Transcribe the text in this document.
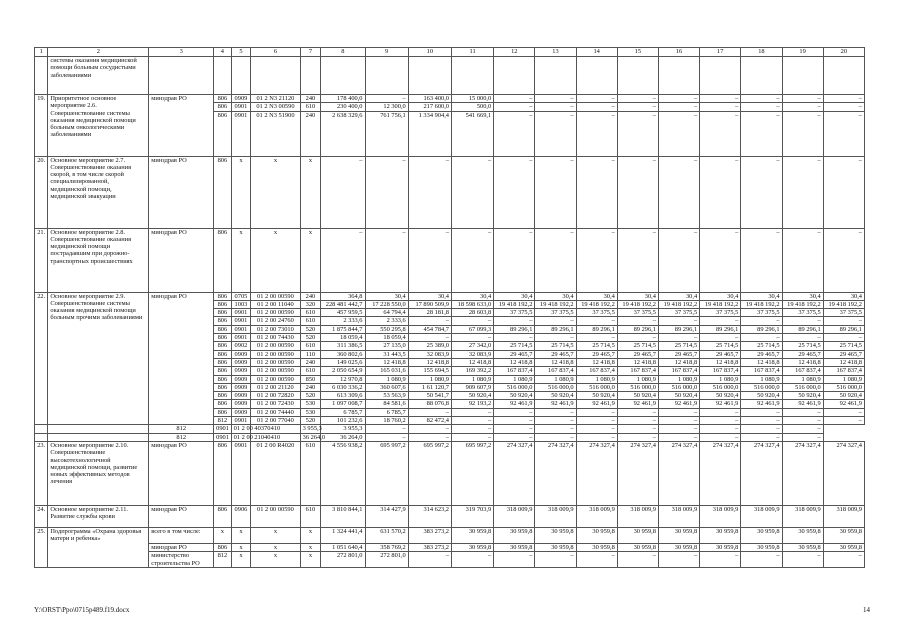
1	2	3	4	5	6	7	8	9	10	11	12	13	14	15	16	17	18	19	20
	системы оказания медицинской помощи больным сосудистыми заболеваниями																		
19.	Приоритетное основное мероприятие 2.6. Совершенствование системы оказания медицинской помощи больным онкологическими заболеваниями	минздрав РО	806	0909	01 2 N3 21120	240	178 400,0	–	163 400,0	15 000,0	–	–	–	–	–	–	–	–	–
			806	0901	01 2 N3 00590	610	230 400,0	12 300,0	217 600,0	500,0	–	–	–	–	–	–	–	–	–
			806	0901	01 2 N3 51900	240	2 638 329,6	761 756,1	1 334 904,4	541 669,1	–	–	–	–	–	–	–	–	–
20.	Основное мероприятие 2.7. Совершенствование оказания скорой, в том числе скорой специализированной, медицинской помощи, медицинской эвакуации	минздрав РО	806	х	х	х	–	–	–	–	–	–	–	–	–	–	–	–	–
21.	Основное мероприятие 2.8. Совершенствование оказания медицинской помощи пострадавшим при дорожно-транспортных происшествиях	минздрав РО	806	х	х	х	–	–	–	–	–	–	–	–	–	–	–	–	–
22.	Основное мероприятие 2.9. Совершенствование системы оказания медицинской помощи больным прочими заболеваниями	минздрав РО	806	0705	01 2 00 00590	240	364,8	30,4	30,4	30,4	30,4	30,4	30,4	30,4	30,4	30,4	30,4	30,4	30,4
			806	1003	01 2 00 11040	320	228 481 442,7	17 228 550,0	17 890 509,9	18 598 633,0	19 418 192,2	19 418 192,2	19 418 192,2	19 418 192,2	19 418 192,2	19 418 192,2	19 418 192,2	19 418 192,2	19 418 192,2
			806	0901	01 2 00 00590	610	457 959,5	64 794,4	28 181,8	28 603,8	37 375,5	37 375,5	37 375,5	37 375,5	37 375,5	37 375,5	37 375,5	37 375,5	37 375,5
			806	0901	01 2 00 24760	610	2 333,6	2 333,6	–	–	–	–	–	–	–	–	–	–	–
			806	0901	01 2 00 73010	520	1 875 844,7	550 295,8	454 784,7	67 099,3	89 296,1	89 296,1	89 296,1	89 296,1	89 296,1	89 296,1	89 296,1	89 296,1	89 296,1
			806	0901	01 2 00 74430	520	18 059,4	18 059,4	–	–	–	–	–	–	–	–	–	–	–
			806	0902	01 2 00 00590	610	311 386,5	27 135,0	25 389,0	27 342,0	25 714,5	25 714,5	25 714,5	25 714,5	25 714,5	25 714,5	25 714,5	25 714,5	25 714,5
			806	0909	01 2 00 00590	110	360 802,6	31 443,5	32 083,9	32 083,9	29 465,7	29 465,7	29 465,7	29 465,7	29 465,7	29 465,7	29 465,7	29 465,7	29 465,7
			806	0909	01 2 00 00590	240	149 025,6	12 418,8	12 418,8	12 418,8	12 418,8	12 418,8	12 418,8	12 418,8	12 418,8	12 418,8	12 418,8	12 418,8	12 418,8
			806	0909	01 2 00 00590	610	2 050 654,9	165 031,6	155 694,5	169 392,2	167 837,4	167 837,4	167 837,4	167 837,4	167 837,4	167 837,4	167 837,4	167 837,4	167 837,4
			806	0909	01 2 00 00590	850	12 970,8	1 080,9	1 080,9	1 080,9	1 080,9	1 080,9	1 080,9	1 080,9	1 080,9	1 080,9	1 080,9	1 080,9	1 080,9
			806	0909	01 2 00 21120	240	6 030 336,2	360 607,6	1 61 120,7	909 607,9	516 000,0	516 000,0	516 000,0	516 000,0	516 000,0	516 000,0	516 000,0	516 000,0	516 000,0
			806	0909	01 2 00 72820	520	613 309,6	53 563,9	50 541,7	50 920,4	50 920,4	50 920,4	50 920,4	50 920,4	50 920,4	50 920,4	50 920,4	50 920,4	50 920,4
			806	0909	01 2 00 72430	530	1 097 008,7	84 581,6	88 076,8	92 193,2	92 461,9	92 461,9	92 461,9	92 461,9	92 461,9	92 461,9	92 461,9	92 461,9	92 461,9
			806	0909	01 2 00 74440	530	6 785,7	6 785,7	–	–	–	–	–	–	–	–	–	–	–
			812	0901	01 2 00 77040	520	101 232,6	18 760,2	82 472,4	–	–	–	–	–	–	–	–	–	–
		812	0901	01 2 00 40370	410	3 955,3	3 955,3	–	–	–	–	–	–	–	–	–	–	–	
		812	0901	01 2 00 21040	410	36 264,0	36 264,0	–	–	–	–	–	–	–	–	–	–	–	
23.	Основное мероприятие 2.10. Совершенствование высокотехнологичной медицинской помощи, развитие новых эффективных методов лечения	минздрав РО	806	0901	01 2 00 R4020	610	4 556 938,2	695 997,2	695 997,2	695 997,2	274 327,4	274 327,4	274 327,4	274 327,4	274 327,4	274 327,4	274 327,4	274 327,4	274 327,4
24.	Основное мероприятие 2.11. Развитие службы крови	минздрав РО	806	0906	01 2 00 00590	610	3 810 844,1	314 427,9	314 623,2	319 703,9	318 009,9	318 009,9	318 009,9	318 009,9	318 009,9	318 009,9	318 009,9	318 009,9	318 009,9
25.	Подпрограмма «Охрана здоровья матери и ребенка»	всего в том числе:	х	х	х	х	1 324 441,4	631 570,2	383 273,2	30 959,8	30 959,8	30 959,8	30 959,8	30 959,8	30 959,8	30 959,8	30 959,8	30 959,8	30 959,8
		минздрав РО	806	х	х	х	1 051 640,4	358 769,2	383 273,2	30 959,8	30 959,8	30 959,8	30 959,8	30 959,8	30 959,8	30 959,8	30 959,8	30 959,8	30 959,8
		министерство строительства РО	812	х	х	х	272 801,0	272 801,0	–	–	–	–	–	–	–	–	–	–	–
Y:\ORST\Ppo\0715p489.f19.docx	14
